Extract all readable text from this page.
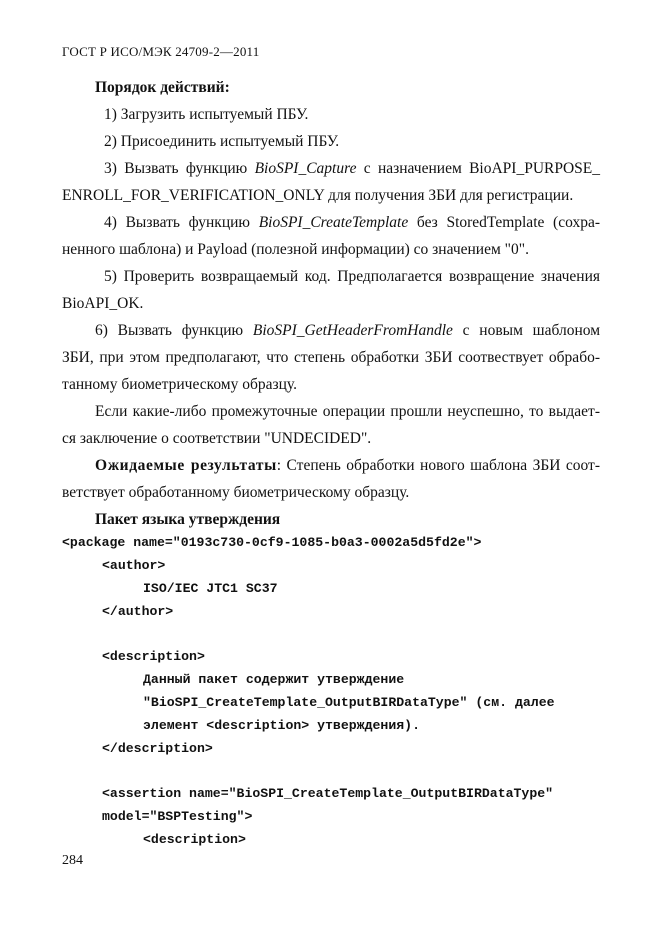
ГОСТ Р ИСО/МЭК 24709-2—2011
Порядок действий:
1) Загрузить испытуемый ПБУ.
2) Присоединить испытуемый ПБУ.
3) Вызвать функцию BioSPI_Capture с назначением BioAPI_PURPOSE_
ENROLL_FOR_VERIFICATION_ONLY для получения ЗБИ для регистрации.
4) Вызвать функцию BioSPI_CreateTemplate без StoredTemplate (сохра-
ненного шаблона) и Payload (полезной информации) со значением "0".
5) Проверить возвращаемый код. Предполагается возвращение значения
BioAPI_OK.
6) Вызвать функцию BioSPI_GetHeaderFromHandle с новым шаблоном
ЗБИ, при этом предполагают, что степень обработки ЗБИ соотвествует обрабо-
танному биометрическому образцу.
Если какие-либо промежуточные операции прошли неуспешно, то выдает-
ся заключение о соответствии "UNDECIDED".
Ожидаемые результаты: Степень обработки нового шаблона ЗБИ соот-
ветствует обработанному биометрическому образцу.
Пакет языка утверждения
<package name="0193c730-0cf9-1085-b0a3-0002a5d5fd2e">
<author>
ISO/IEC JTC1 SC37
</author>
<description>
Данный пакет содержит утверждение
"BioSPI_CreateTemplate_OutputBIRDataType" (см. далее
элемент <description> утверждения).
</description>
<assertion name="BioSPI_CreateTemplate_OutputBIRDataType"
model="BSPTesting">
<description>
284
